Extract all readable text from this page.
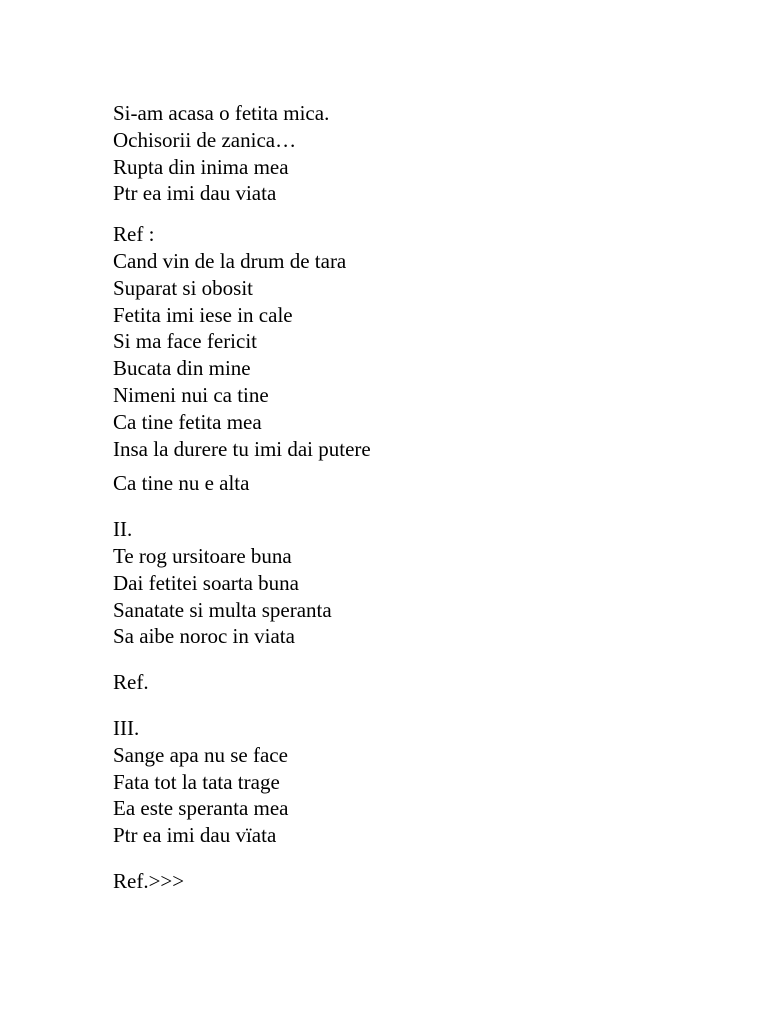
Si-am acasa o fetita mica.
Ochisorii de zanica…
Rupta din inima mea
Ptr ea imi dau viata
Ref :
Cand vin de la drum de tara
Suparat si obosit
Fetita imi iese in cale
Si ma face fericit
Bucata din mine
Nimeni nui ca tine
Ca tine fetita mea
Insa la durere tu imi dai putere
Ca tine nu e alta
II.
Te rog ursitoare buna
Dai fetitei soarta buna
Sanatate si multa speranta
Sa aibe noroc in viata
Ref.
III.
Sange apa nu se face
Fata tot la tata trage
Ea este speranta mea
Ptr ea imi dau vïata
Ref.>>>
